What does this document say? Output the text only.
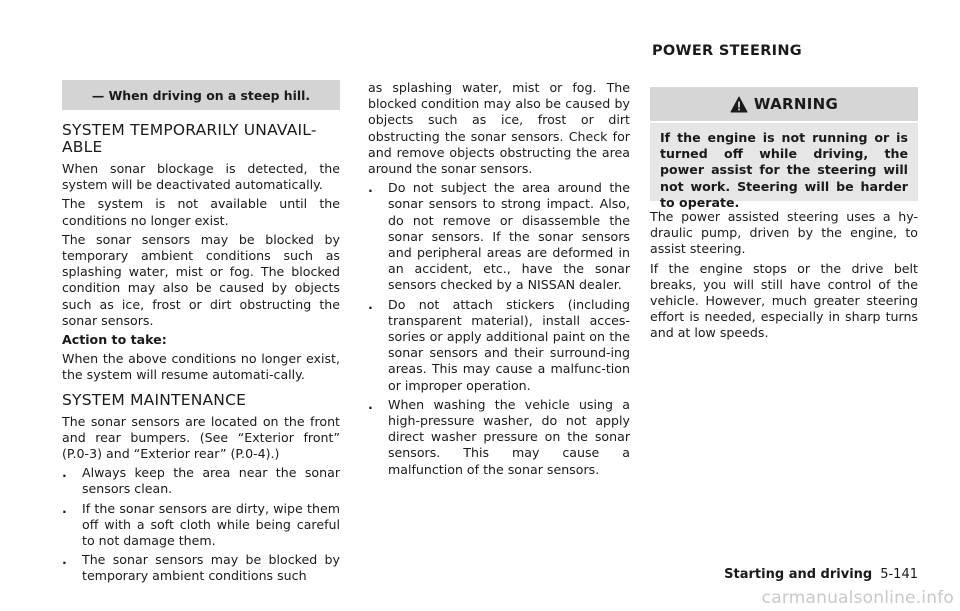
— When driving on a steep hill.
SYSTEM TEMPORARILY UNAVAIL-
ABLE

When sonar blockage is detected, the system will be deactivated automatically.

The system is not available until the conditions no longer exist.

The sonar sensors may be blocked by temporary ambient conditions such as splashing water, mist or fog. The blocked condition may also be caused by objects such as ice, frost or dirt obstructing the sonar sensors.

Action to take:

When the above conditions no longer exist, the system will resume automati-cally.

SYSTEM MAINTENANCE

The sonar sensors are located on the front and rear bumpers. (See “Exterior front” (P.0-3) and “Exterior rear” (P.0-4).)

. Always keep the area near the sonar sensors clean.
. If the sonar sensors are dirty, wipe them off with a soft cloth while being careful to not damage them.
. The sonar sensors may be blocked by temporary ambient conditions such

as splashing water, mist or fog. The blocked condition may also be caused by objects such as ice, frost or dirt obstructing the sonar sensors. Check for and remove objects obstructing the area around the sonar sensors.

. Do not subject the area around the sonar sensors to strong impact. Also, do not remove or disassemble the sonar sensors. If the sonar sensors and peripheral areas are deformed in an accident, etc., have the sonar sensors checked by a NISSAN dealer.
. Do not attach stickers (including transparent material), install acces-sories or apply additional paint on the sonar sensors and their surround-ing areas. This may cause a malfunc-tion or improper operation.
. When washing the vehicle using a high-pressure washer, do not apply direct washer pressure on the sonar sensors. This may cause a malfunction of the sonar sensors.
POWER STEERING
WARNING
If the engine is not running or is turned off while driving, the power assist for the steering will not work. Steering will be harder to operate.

The power assisted steering uses a hy-draulic pump, driven by the engine, to assist steering.

If the engine stops or the drive belt breaks, you will still have control of the vehicle. However, much greater steering effort is needed, especially in sharp turns and at low speeds.

Starting and driving 5-141
carmanualsonline.info
